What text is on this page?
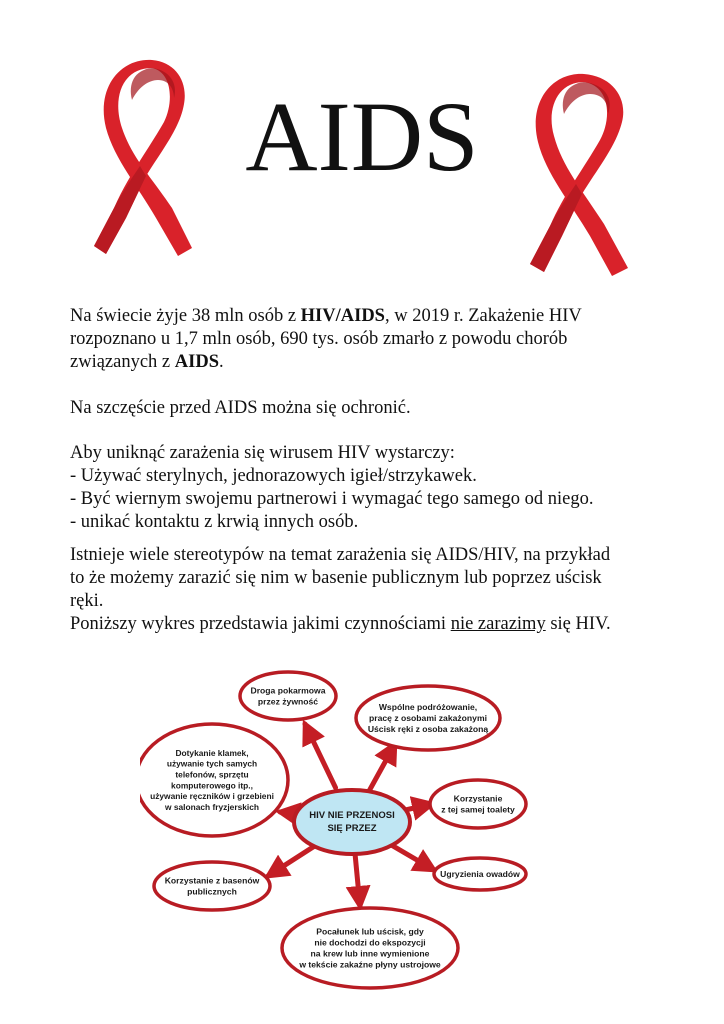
AIDS
Na świecie żyje 38 mln osób z HIV/AIDS, w 2019 r. Zakażenie HIV
rozpoznano u 1,7 mln osób, 690 tys. osób zmarło z powodu chorób
związanych z AIDS.
Na szczęście przed AIDS można się ochronić.
Aby uniknąć zarażenia się wirusem HIV wystarczy:
- Używać sterylnych, jednorazowych igieł/strzykawek.
- Być wiernym swojemu partnerowi i wymagać tego samego od niego.
- unikać kontaktu z krwią innych osób.
Istnieje wiele stereotypów na temat zarażenia się AIDS/HIV, na przykład
to że możemy zarazić się nim w basenie publicznym lub poprzez uścisk
ręki.
Poniższy wykres przedstawia jakimi czynnościami nie zarazimy się HIV.
HIV NIE PRZENOSI
SIĘ PRZEZ
Droga pokarmowa
przez żywność
Wspólne podróżowanie,
pracę z osobami zakażonymi
Uścisk ręki z osoba zakażoną
Dotykanie klamek,
używanie tych samych
telefonów, sprzętu
komputerowego itp.,
używanie ręczników i grzebieni
w salonach fryzjerskich
Korzystanie
z tej samej toalety
Ugryzienia owadów
Korzystanie z basenów
publicznych
Pocałunek lub uścisk, gdy
nie dochodzi do ekspozycji
na krew lub inne wymienione
w tekście zakaźne płyny ustrojowe
